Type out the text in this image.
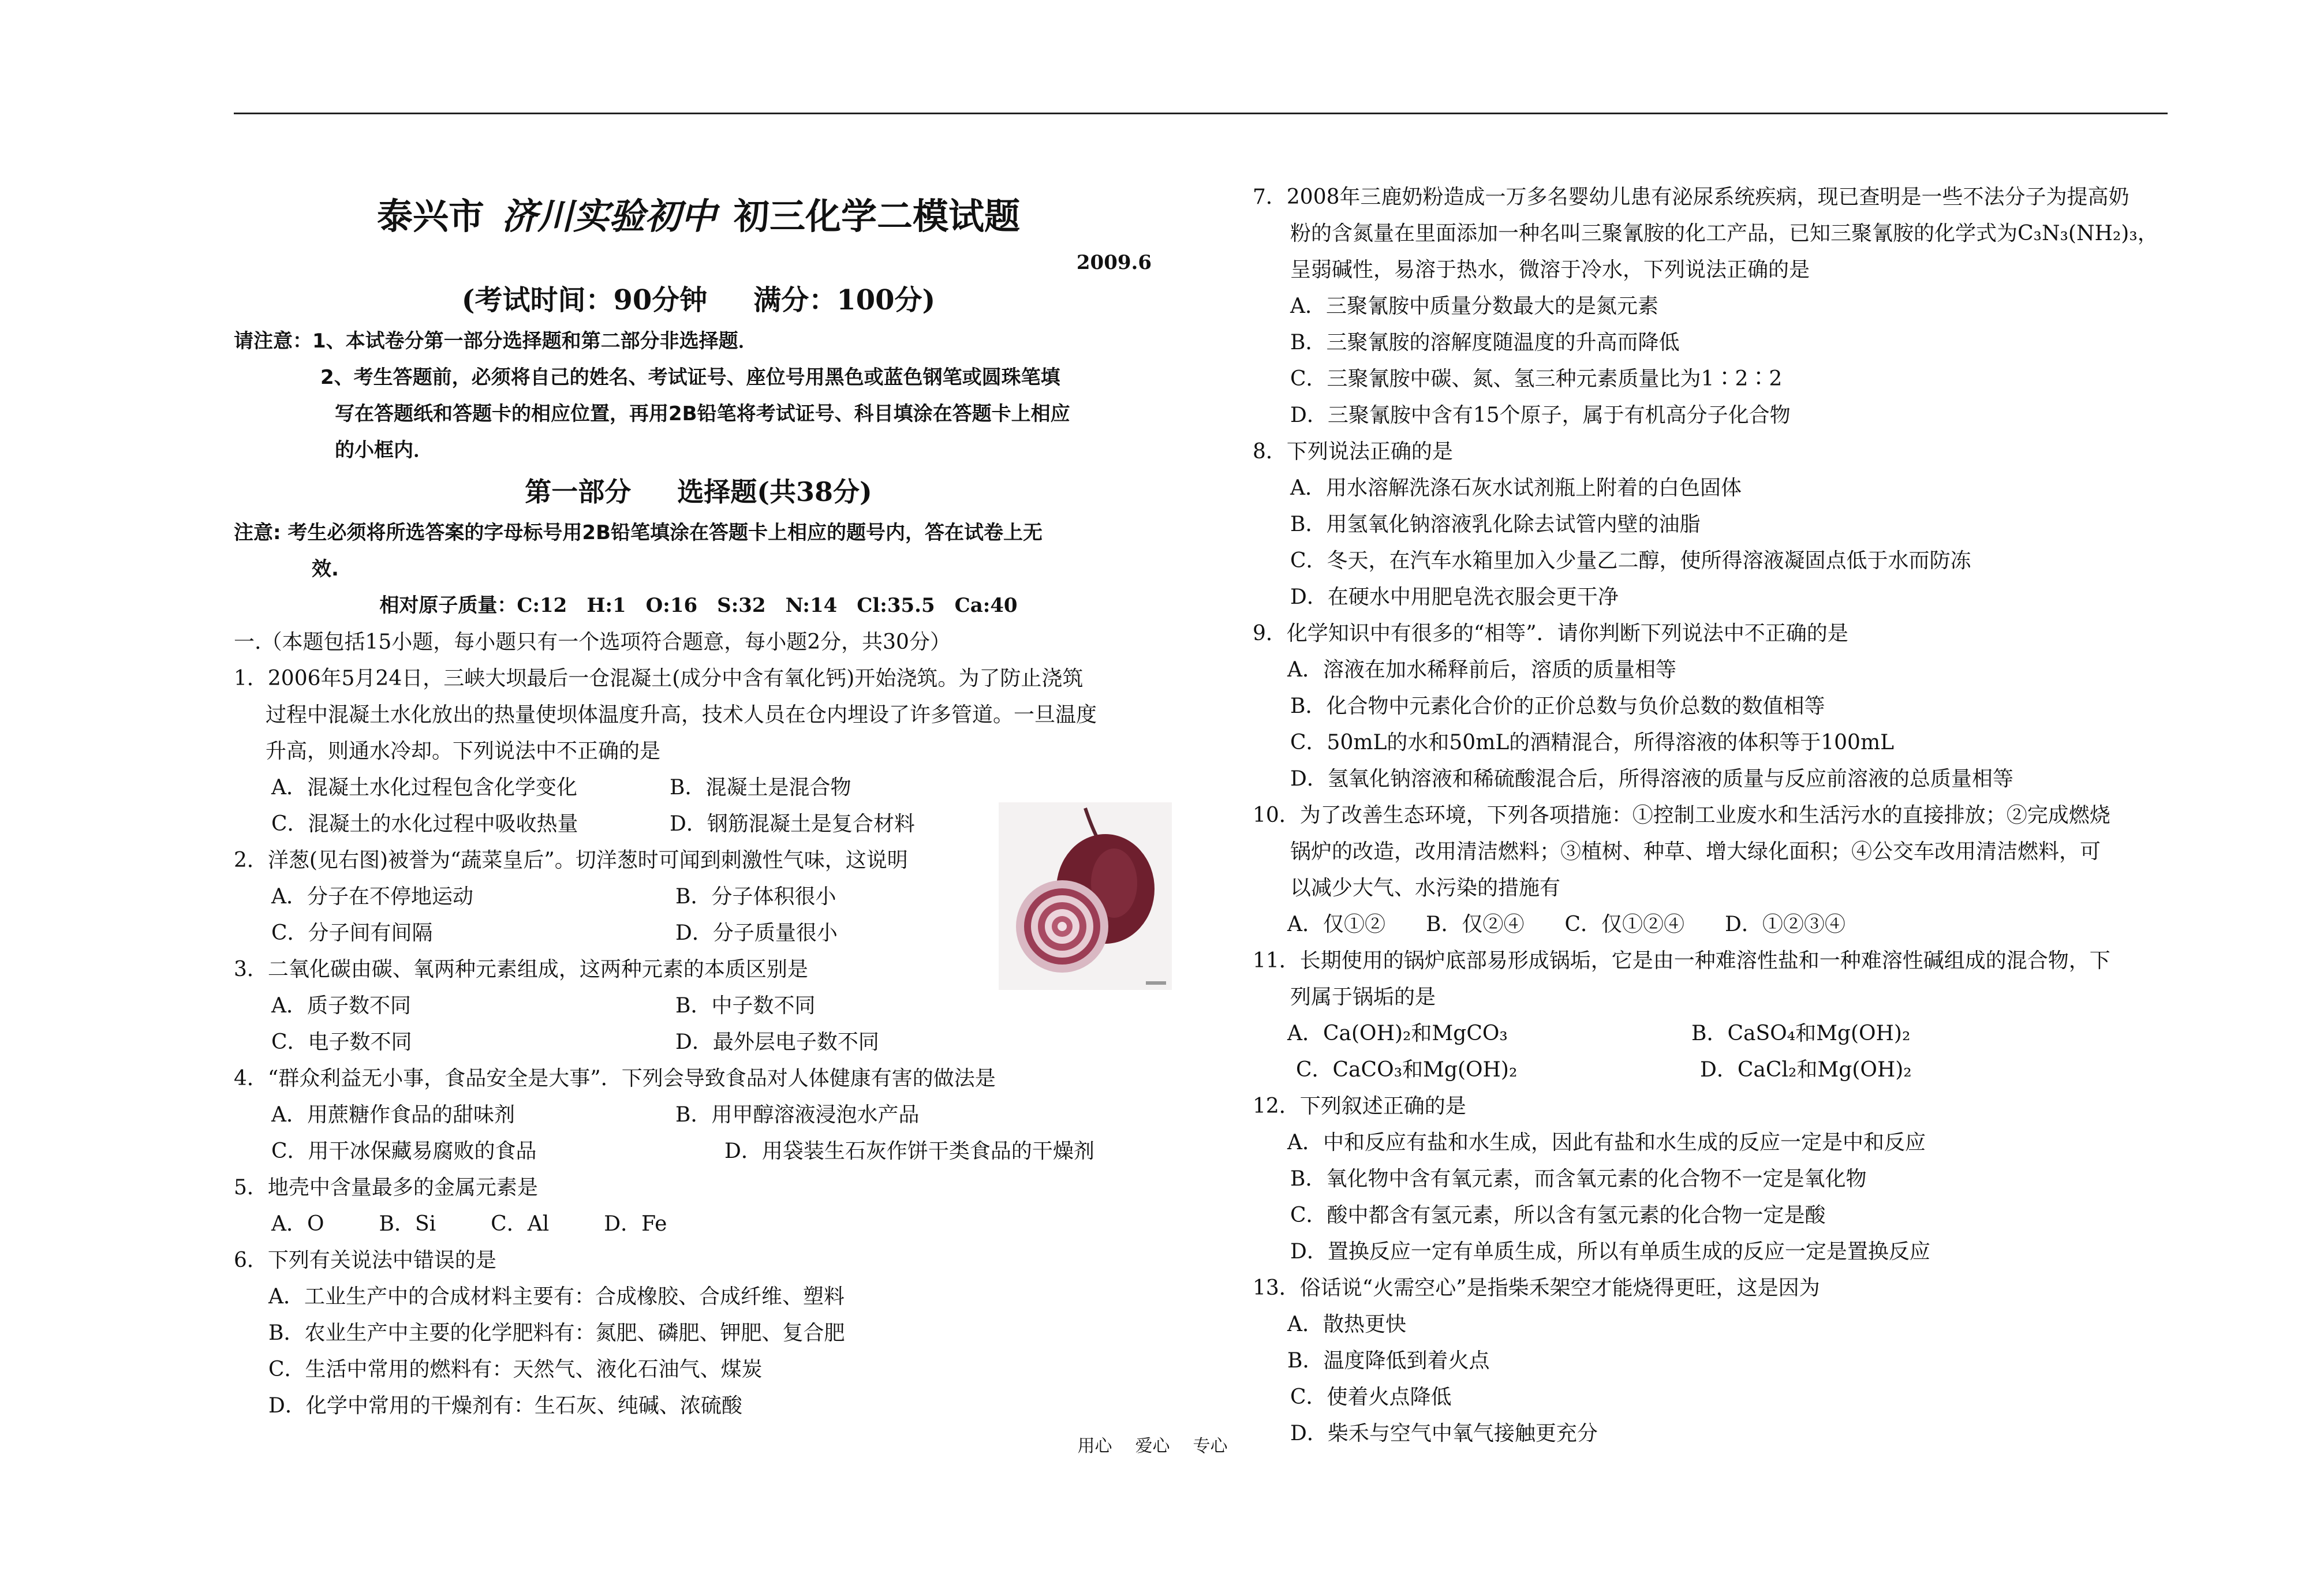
泰兴市 济川实验初中 初三化学二模试题
2009.6
(考试时间：90分钟 满分：100分)
请注意：1、本试卷分第一部分选择题和第二部分非选择题．
2、考生答题前，必须将自己的姓名、考试证号、座位号用黑色或蓝色钢笔或圆珠笔填
写在答题纸和答题卡的相应位置，再用2B铅笔将考试证号、科目填涂在答题卡上相应
的小框内．
第一部分 选择题(共38分)
注意: 考生必须将所选答案的字母标号用2B铅笔填涂在答题卡上相应的题号内，答在试卷上无
效.
相对原子质量：C:12　H:1　O:16　S:32　N:14　Cl:35.5　Ca:40
一.（本题包括15小题，每小题只有一个选项符合题意，每小题2分，共30分）
1．2006年5月24日，三峡大坝最后一仓混凝土(成分中含有氧化钙)开始浇筑。为了防止浇筑
过程中混凝土水化放出的热量使坝体温度升高，技术人员在仓内埋设了许多管道。一旦温度
升高，则通水冷却。下列说法中不正确的是
A．混凝土水化过程包含化学变化	B．混凝土是混合物
C．混凝土的水化过程中吸收热量	D．钢筋混凝土是复合材料
2．洋葱(见右图)被誉为“蔬菜皇后”。切洋葱时可闻到刺激性气味，这说明
A．分子在不停地运动	B．分子体积很小
C．分子间有间隔	D．分子质量很小
3．二氧化碳由碳、氧两种元素组成，这两种元素的本质区别是
A．质子数不同	B．中子数不同
C．电子数不同	D．最外层电子数不同
4．“群众利益无小事，食品安全是大事”．下列会导致食品对人体健康有害的做法是
A．用蔗糖作食品的甜味剂	B．用甲醇溶液浸泡水产品
C．用干冰保藏易腐败的食品	D．用袋装生石灰作饼干类食品的干燥剂
5．地壳中含量最多的金属元素是
A．O	B．Si	C．Al	D．Fe
6．下列有关说法中错误的是
A．工业生产中的合成材料主要有：合成橡胶、合成纤维、塑料
B．农业生产中主要的化学肥料有：氮肥、磷肥、钾肥、复合肥
C．生活中常用的燃料有：天然气、液化石油气、煤炭
D．化学中常用的干燥剂有：生石灰、纯碱、浓硫酸
7．2008年三鹿奶粉造成一万多名婴幼儿患有泌尿系统疾病，现已查明是一些不法分子为提高奶
粉的含氮量在里面添加一种名叫三聚氰胺的化工产品，已知三聚氰胺的化学式为C₃N₃(NH₂)₃，
呈弱碱性，易溶于热水，微溶于冷水，下列说法正确的是
A．三聚氰胺中质量分数最大的是氮元素
B．三聚氰胺的溶解度随温度的升高而降低
C．三聚氰胺中碳、氮、氢三种元素质量比为1∶2∶2
D．三聚氰胺中含有15个原子，属于有机高分子化合物
8．下列说法正确的是
A．用水溶解洗涤石灰水试剂瓶上附着的白色固体
B．用氢氧化钠溶液乳化除去试管内壁的油脂
C．冬天，在汽车水箱里加入少量乙二醇，使所得溶液凝固点低于水而防冻
D．在硬水中用肥皂洗衣服会更干净
9．化学知识中有很多的“相等”．请你判断下列说法中不正确的是
A．溶液在加水稀释前后，溶质的质量相等
B．化合物中元素化合价的正价总数与负价总数的数值相等
C．50mL的水和50mL的酒精混合，所得溶液的体积等于100mL
D．氢氧化钠溶液和稀硫酸混合后，所得溶液的质量与反应前溶液的总质量相等
10．为了改善生态环境，下列各项措施：①控制工业废水和生活污水的直接排放；②完成燃烧
锅炉的改造，改用清洁燃料；③植树、种草、增大绿化面积；④公交车改用清洁燃料，可
以减少大气、水污染的措施有
A．仅①② B．仅②④ C．仅①②④ D．①②③④
11．长期使用的锅炉底部易形成锅垢，它是由一种难溶性盐和一种难溶性碱组成的混合物，下
列属于锅垢的是
A．Ca(OH)₂和MgCO₃	B．CaSO₄和Mg(OH)₂
C．CaCO₃和Mg(OH)₂	D．CaCl₂和Mg(OH)₂
12．下列叙述正确的是
A．中和反应有盐和水生成，因此有盐和水生成的反应一定是中和反应
B．氧化物中含有氧元素，而含氧元素的化合物不一定是氧化物
C．酸中都含有氢元素，所以含有氢元素的化合物一定是酸
D．置换反应一定有单质生成，所以有单质生成的反应一定是置换反应
13．俗话说“火需空心”是指柴禾架空才能烧得更旺，这是因为
A．散热更快
B．温度降低到着火点
C．使着火点降低
D．柴禾与空气中氧气接触更充分
用心 爱心 专心
